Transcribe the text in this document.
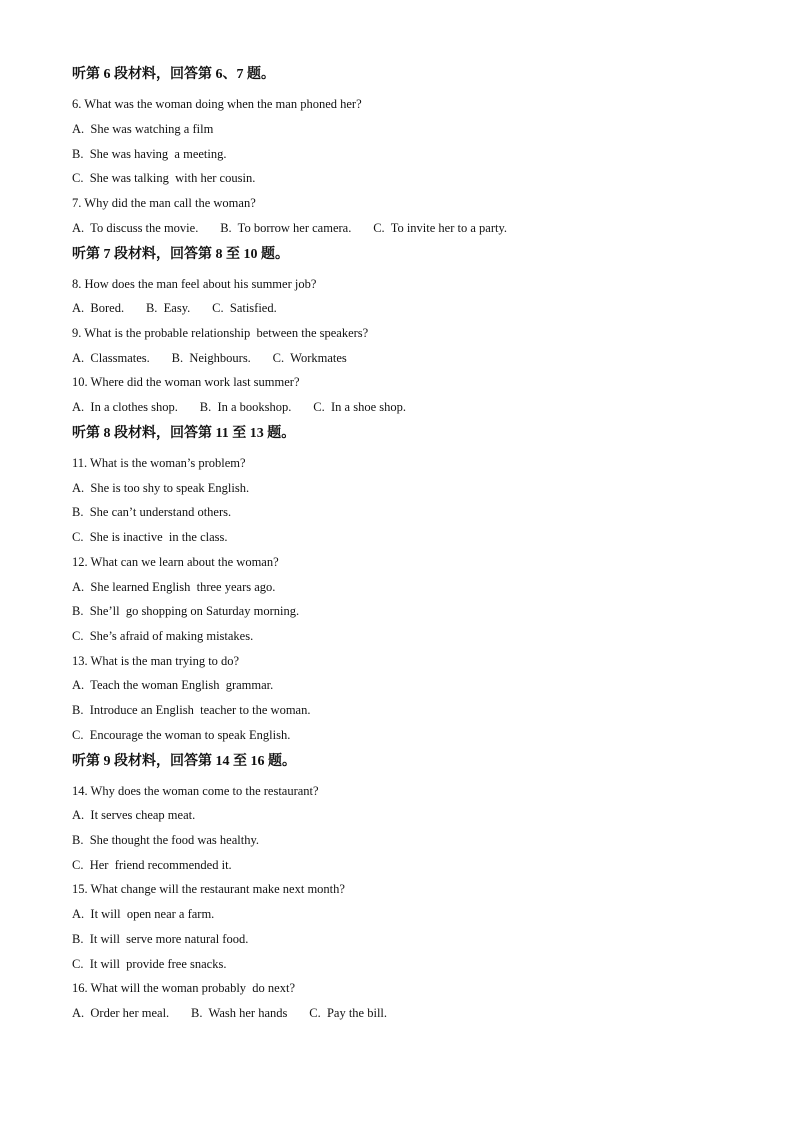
听第 6 段材料，回答第 6、7 题。
6. What was the woman doing when the man phoned her?
A.  She was watching a film
B.  She was having  a meeting.
C.  She was talking  with her cousin.
7. Why did the man call the woman?
A.  To discuss the movie.       B.  To borrow her camera.       C.  To invite her to a party.
听第 7 段材料，回答第 8 至 10 题。
8. How does the man feel about his summer job?
A.  Bored.       B.  Easy.       C.  Satisfied.
9. What is the probable relationship  between the speakers?
A.  Classmates.       B.  Neighbours.       C.  Workmates
10. Where did the woman work last summer?
A.  In a clothes shop.       B.  In a bookshop.       C.  In a shoe shop.
听第 8 段材料，回答第 11 至 13 题。
11. What is the woman’s problem?
A.  She is too shy to speak English.
B.  She can’t understand others.
C.  She is inactive  in the class.
12. What can we learn about the woman?
A.  She learned English  three years ago.
B.  She’ll  go shopping on Saturday morning.
C.  She’s afraid of making mistakes.
13. What is the man trying to do?
A.  Teach the woman English  grammar.
B.  Introduce an English  teacher to the woman.
C.  Encourage the woman to speak English.
听第 9 段材料，回答第 14 至 16 题。
14. Why does the woman come to the restaurant?
A.  It serves cheap meat.
B.  She thought the food was healthy.
C.  Her  friend recommended it.
15. What change will the restaurant make next month?
A.  It will  open near a farm.
B.  It will  serve more natural food.
C.  It will  provide free snacks.
16. What will the woman probably  do next?
A.  Order her meal.       B.  Wash her hands       C.  Pay the bill.
